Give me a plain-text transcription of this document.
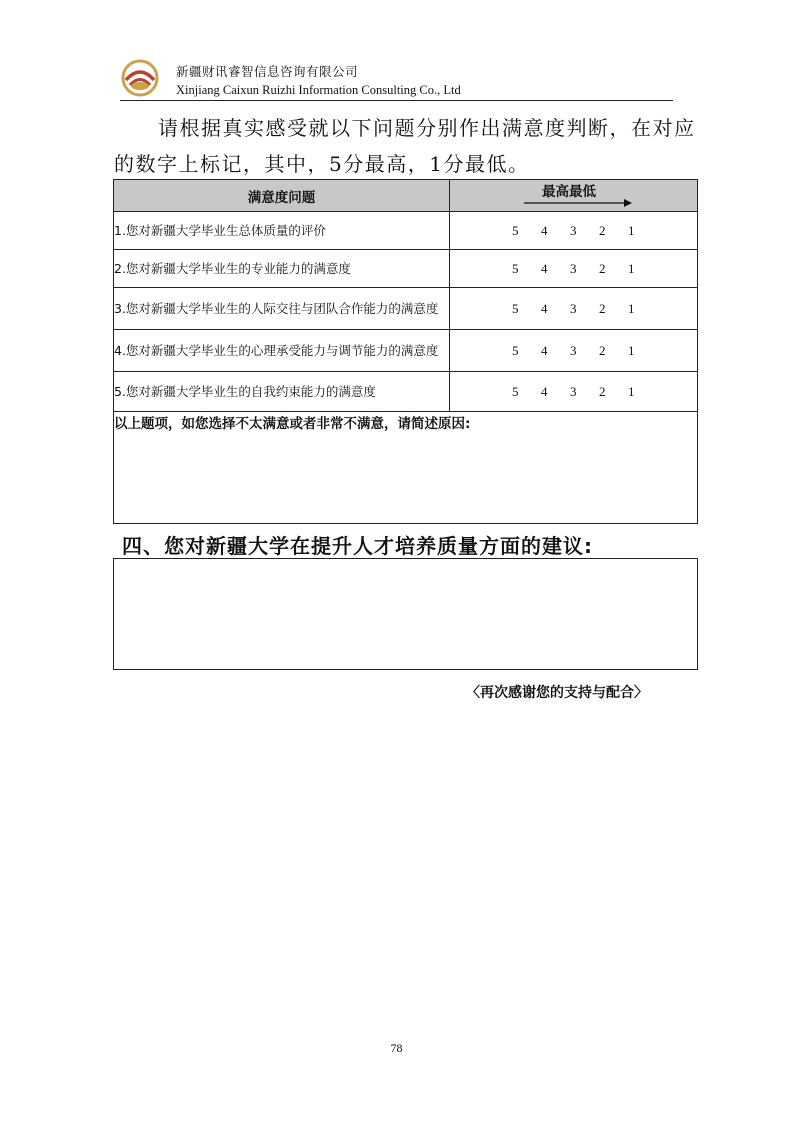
新疆财讯睿智信息咨询有限公司
Xinjiang Caixun Ruizhi Information Consulting Co., Ltd
请根据真实感受就以下问题分别作出满意度判断，在对应的数字上标记，其中，5分最高，1分最低。
满意度问题	最高最低

1.您对新疆大学毕业生总体质量的评价	5 4 3 2 1

2.您对新疆大学毕业生的专业能力的满意度	5 4 3 2 1

3.您对新疆大学毕业生的人际交往与团队合作能力的满意度	5 4 3 2 1

4.您对新疆大学毕业生的心理承受能力与调节能力的满意度	5 4 3 2 1

5.您对新疆大学毕业生的自我约束能力的满意度	5 4 3 2 1

以上题项，如您选择不太满意或者非常不满意，请简述原因:	
四、您对新疆大学在提升人才培养质量方面的建议:
〈再次感谢您的支持与配合〉
78
